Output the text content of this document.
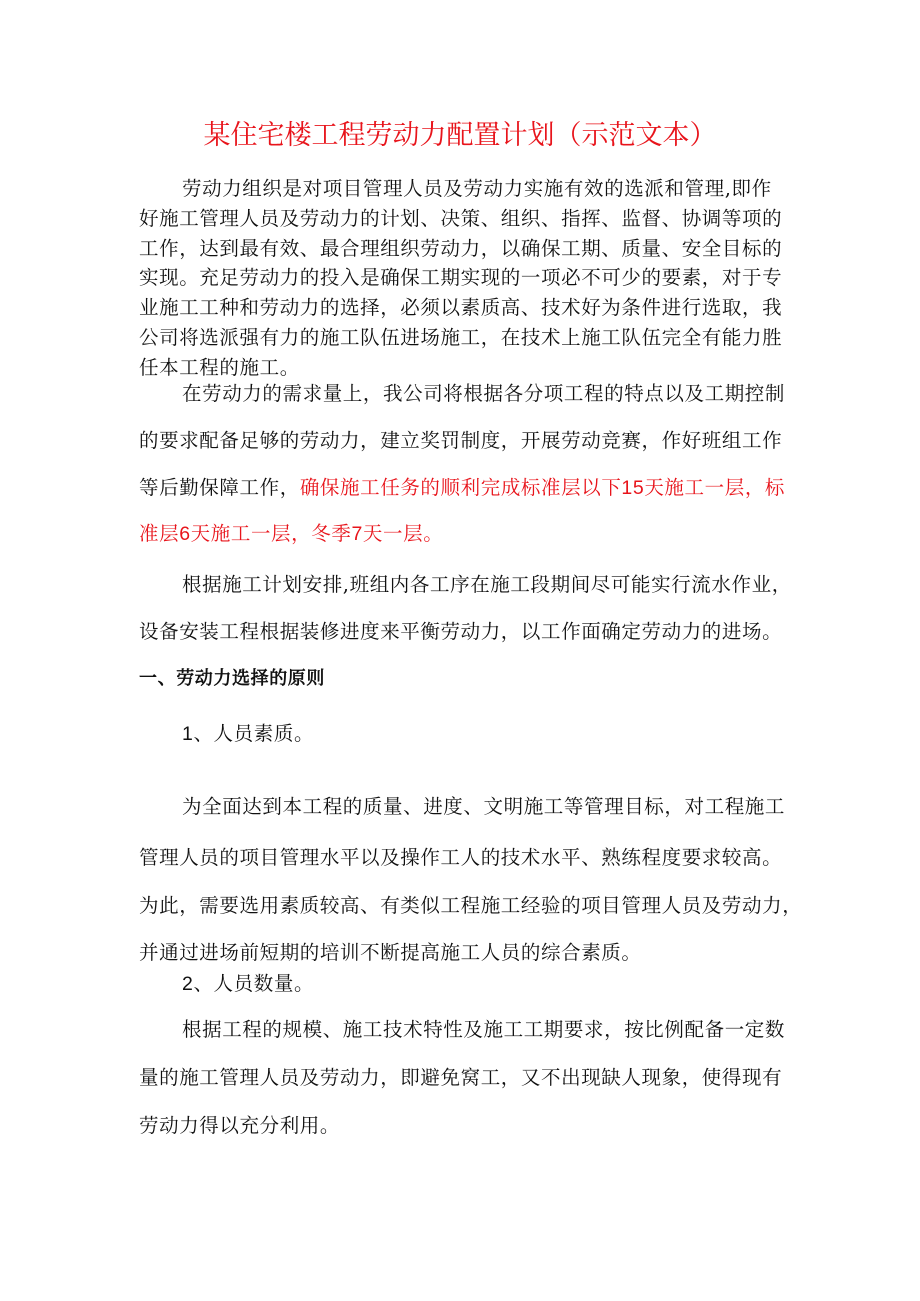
某住宅楼工程劳动力配置计划（示范文本）
劳动力组织是对项目管理人员及劳动力实施有效的选派和管理,即作
好施工管理人员及劳动力的计划、决策、组织、指挥、监督、协调等项的
工作，达到最有效、最合理组织劳动力，以确保工期、质量、安全目标的
实现。充足劳动力的投入是确保工期实现的一项必不可少的要素，对于专
业施工工种和劳动力的选择，必须以素质高、技术好为条件进行选取，我
公司将选派强有力的施工队伍进场施工，在技术上施工队伍完全有能力胜
任本工程的施工。
在劳动力的需求量上，我公司将根据各分项工程的特点以及工期控制
的要求配备足够的劳动力，建立奖罚制度，开展劳动竞赛，作好班组工作
等后勤保障工作，确保施工任务的顺利完成标准层以下15天施工一层，标
准层6天施工一层，冬季7天一层。
根据施工计划安排,班组内各工序在施工段期间尽可能实行流水作业，
设备安装工程根据装修进度来平衡劳动力，以工作面确定劳动力的进场。
一、劳动力选择的原则
1、人员素质。
为全面达到本工程的质量、进度、文明施工等管理目标，对工程施工
管理人员的项目管理水平以及操作工人的技术水平、熟练程度要求较高。
为此，需要选用素质较高、有类似工程施工经验的项目管理人员及劳动力，
并通过进场前短期的培训不断提高施工人员的综合素质。
2、人员数量。
根据工程的规模、施工技术特性及施工工期要求，按比例配备一定数
量的施工管理人员及劳动力，即避免窝工，又不出现缺人现象，使得现有
劳动力得以充分利用。
